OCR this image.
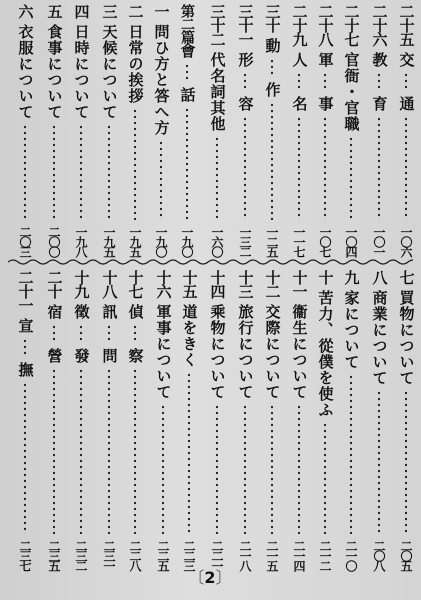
二十五
交
通
一〇六
二十六
教
育
一〇一
二十七
官衙・官職
一〇四
二十八
軍
事
一〇七
二十九
人
名
一一七
三十
動
作
一二五
三十一
形
容
一三二
三十二
代名詞其他
一六〇
第二篇
會
話
一九〇
一
問ひ方と答へ方
一九〇
二
日常の挨拶
一九五
三
天候について
一九五
四
日時について
一九八
五
食事について
二〇〇
六
衣服について
二〇三
七
買物について
二〇五
八
商業について
二〇八
九
家について
二一〇
十
苦力、從僕を使ふ
二一二
十一
衞生について
二一四
十二
交際について
二一五
十三
旅行について
二一八
十四
乘物について
二二一
十五
道をきく
二二三
十六
軍事について
二二五
十七
偵
察
二二八
十八
訊
問
二三一
十九
徵
發
二三二
二十
宿
營
二三五
二十一
宣
撫
二三七
〔2〕
